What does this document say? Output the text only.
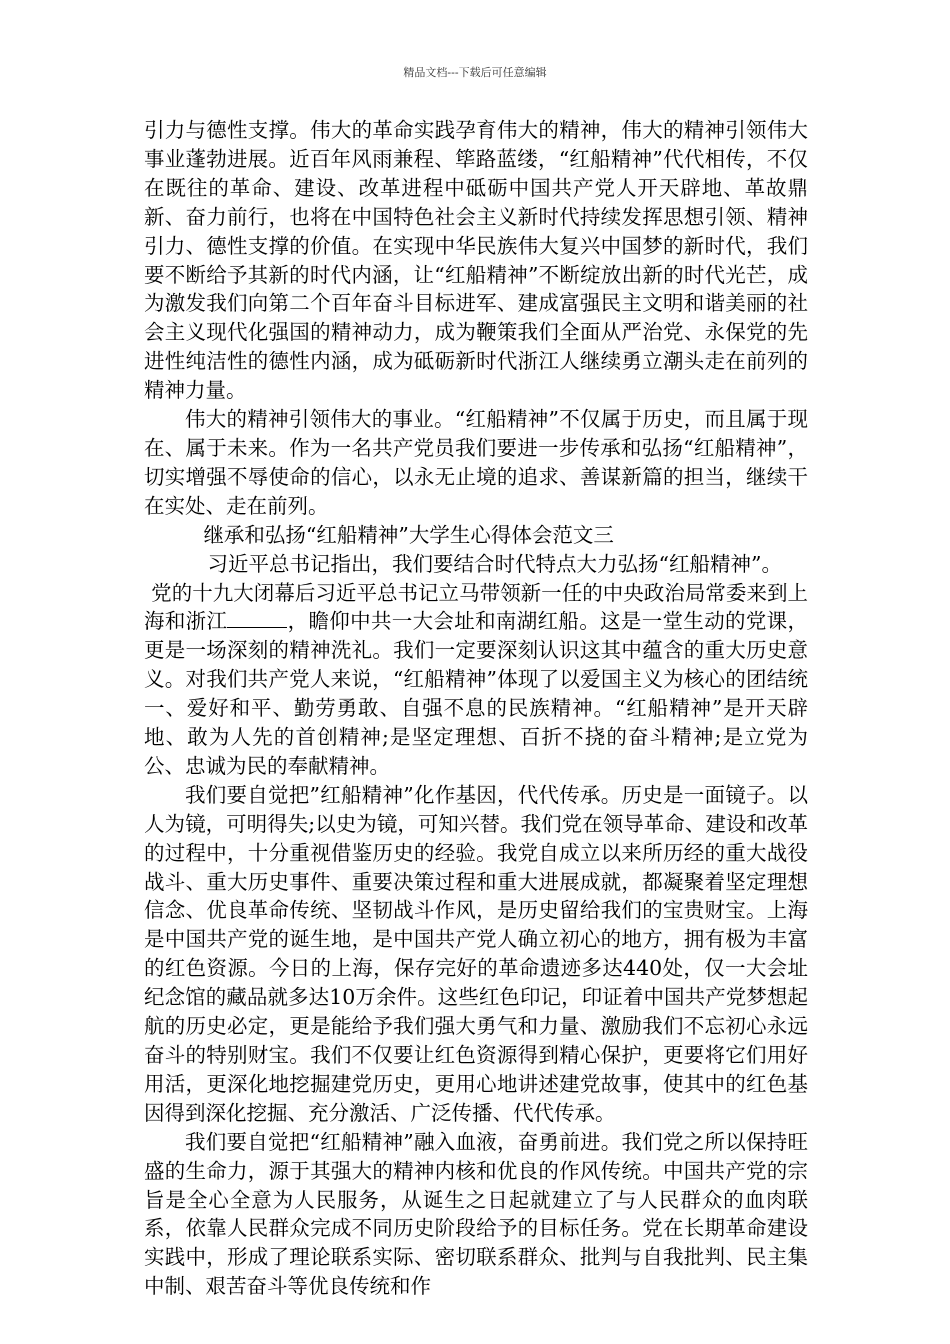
精品文档---下载后可任意编辑

引力与德性支撑。伟大的革命实践孕育伟大的精神，伟大的精神引领伟大事业蓬勃进展。近百年风雨兼程、筚路蓝缕，“红船精神”代代相传，不仅在既往的革命、建设、改革进程中砥砺中国共产党人开天辟地、革故鼎新、奋力前行，也将在中国特色社会主义新时代持续发挥思想引领、精神引力、德性支撑的价值。在实现中华民族伟大复兴中国梦的新时代，我们要不断给予其新的时代内涵，让“红船精神”不断绽放出新的时代光芒，成为激发我们向第二个百年奋斗目标进军、建成富强民主文明和谐美丽的社会主义现代化强国的精神动力，成为鞭策我们全面从严治党、永保党的先进性纯洁性的德性内涵，成为砥砺新时代浙江人继续勇立潮头走在前列的精神力量。

伟大的精神引领伟大的事业。“红船精神”不仅属于历史，而且属于现在、属于未来。作为一名共产党员我们要进一步传承和弘扬“红船精神”，切实增强不辱使命的信心，以永无止境的追求、善谋新篇的担当，继续干在实处、走在前列。

继承和弘扬“红船精神”大学生心得体会范文三

习近平总书记指出，我们要结合时代特点大力弘扬“红船精神”。

党的十九大闭幕后习近平总书记立马带领新一任的中央政治局常委来到上海和浙江	，瞻仰中共一大会址和南湖红船。这是一堂生动的党课，更是一场深刻的精神洗礼。我们一定要深刻认识这其中蕴含的重大历史意义。对我们共产党人来说，“红船精神”体现了以爱国主义为核心的团结统一、爱好和平、勤劳勇敢、自强不息的民族精神。“红船精神”是开天辟地、敢为人先的首创精神;是坚定理想、百折不挠的奋斗精神;是立党为公、忠诚为民的奉献精神。

我们要自觉把”红船精神”化作基因，代代传承。历史是一面镜子。以人为镜，可明得失;以史为镜，可知兴替。我们党在领导革命、建设和改革的过程中，十分重视借鉴历史的经验。我党自成立以来所历经的重大战役战斗、重大历史事件、重要决策过程和重大进展成就，都凝聚着坚定理想信念、优良革命传统、坚韧战斗作风，是历史留给我们的宝贵财宝。上海是中国共产党的诞生地，是中国共产党人确立初心的地方，拥有极为丰富的红色资源。今日的上海，保存完好的革命遗迹多达440处，仅一大会址纪念馆的藏品就多达10万余件。这些红色印记，印证着中国共产党梦想起航的历史必定，更是能给予我们强大勇气和力量、激励我们不忘初心永远奋斗的特别财宝。我们不仅要让红色资源得到精心保护，更要将它们用好用活，更深化地挖掘建党历史，更用心地讲述建党故事，使其中的红色基因得到深化挖掘、充分激活、广泛传播、代代传承。

我们要自觉把“红船精神”融入血液，奋勇前进。我们党之所以保持旺盛的生命力，源于其强大的精神内核和优良的作风传统。中国共产党的宗旨是全心全意为人民服务，从诞生之日起就建立了与人民群众的血肉联系，依靠人民群众完成不同历史阶段给予的目标任务。党在长期革命建设实践中，形成了理论联系实际、密切联系群众、批判与自我批判、民主集中制、艰苦奋斗等优良传统和作
